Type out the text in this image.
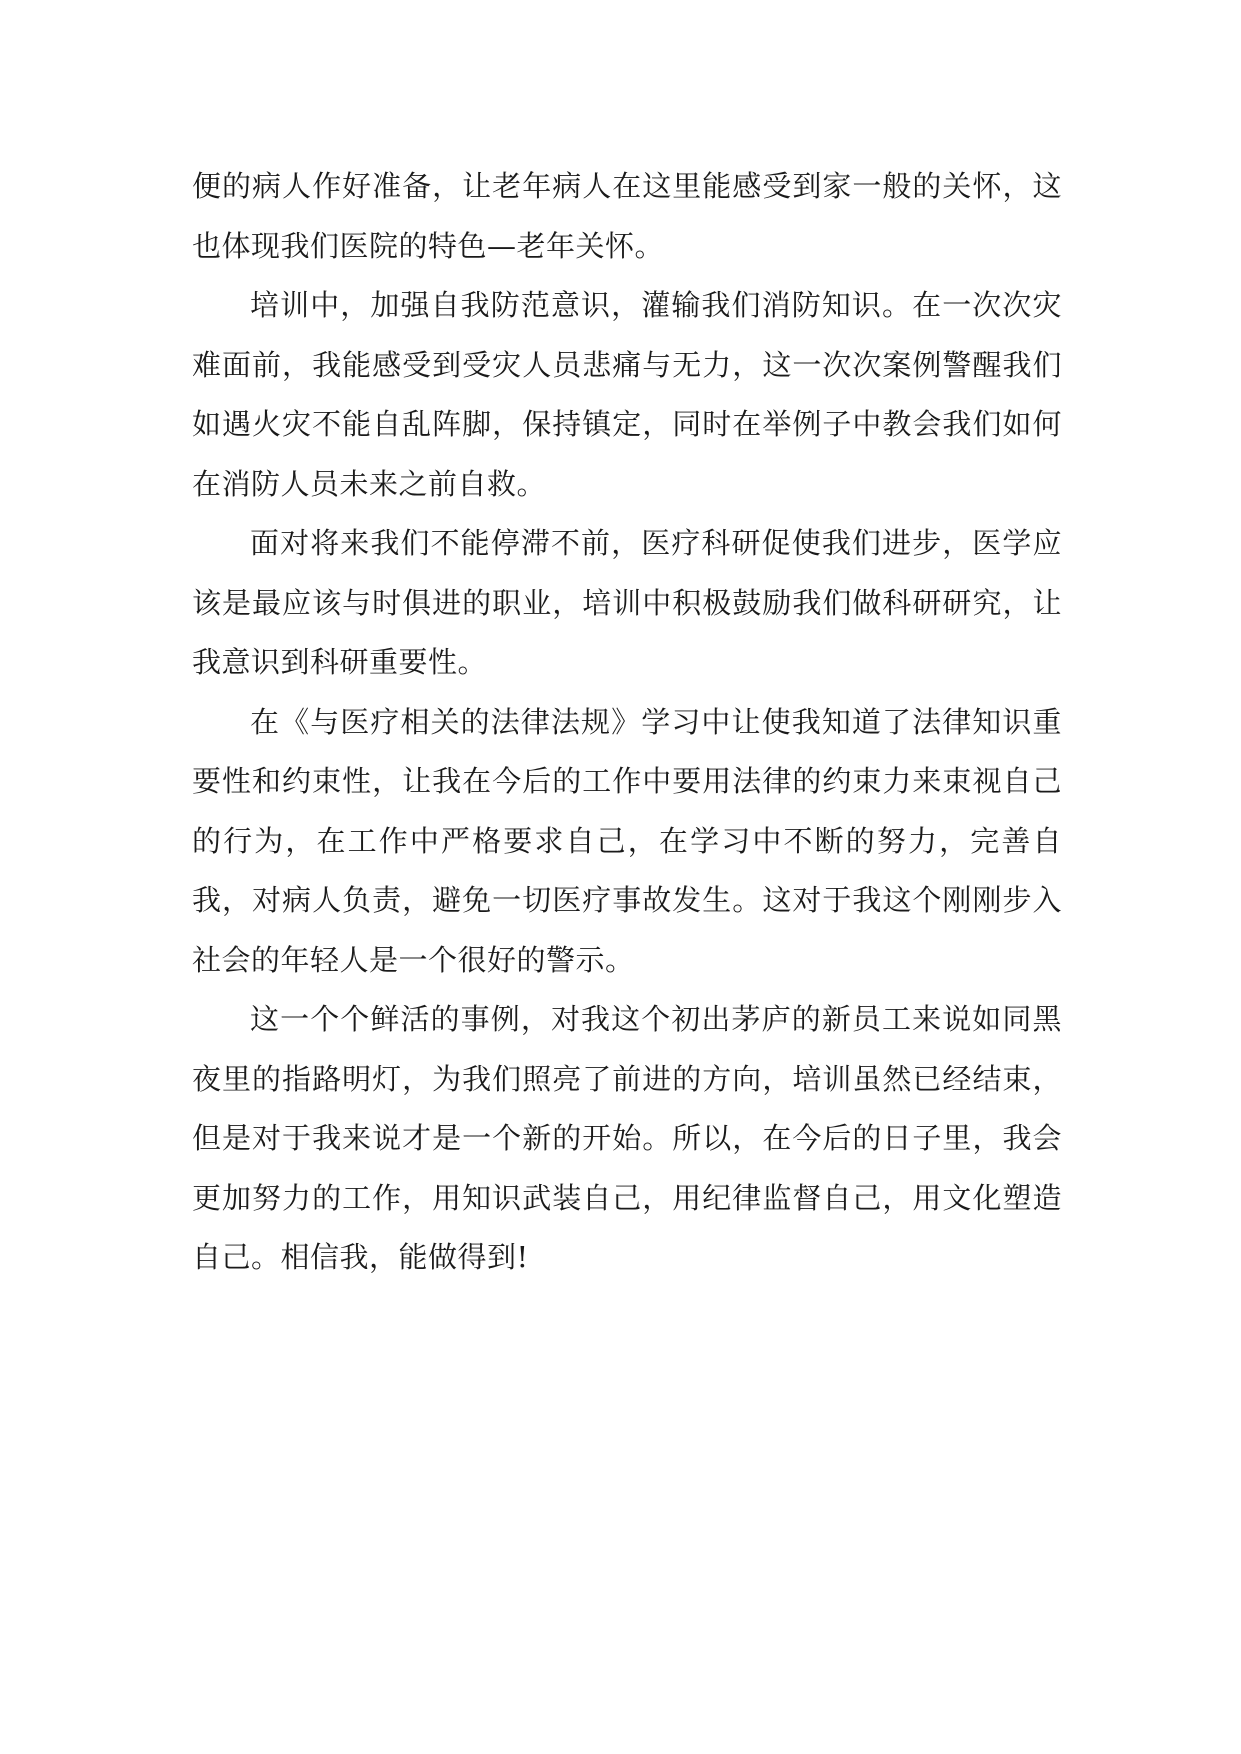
便的病人作好准备，让老年病人在这里能感受到家一般的关怀，这也体现我们医院的特色—老年关怀。

培训中，加强自我防范意识，灌输我们消防知识。在一次次灾难面前，我能感受到受灾人员悲痛与无力，这一次次案例警醒我们如遇火灾不能自乱阵脚，保持镇定，同时在举例子中教会我们如何在消防人员未来之前自救。

面对将来我们不能停滞不前，医疗科研促使我们进步，医学应该是最应该与时俱进的职业，培训中积极鼓励我们做科研研究，让我意识到科研重要性。

在《与医疗相关的法律法规》学习中让使我知道了法律知识重要性和约束性，让我在今后的工作中要用法律的约束力来束视自己的行为，在工作中严格要求自己，在学习中不断的努力，完善自我，对病人负责，避免一切医疗事故发生。这对于我这个刚刚步入社会的年轻人是一个很好的警示。

这一个个鲜活的事例，对我这个初出茅庐的新员工来说如同黑夜里的指路明灯，为我们照亮了前进的方向，培训虽然已经结束，但是对于我来说才是一个新的开始。所以，在今后的日子里，我会更加努力的工作，用知识武装自己，用纪律监督自己，用文化塑造自己。相信我，能做得到!
